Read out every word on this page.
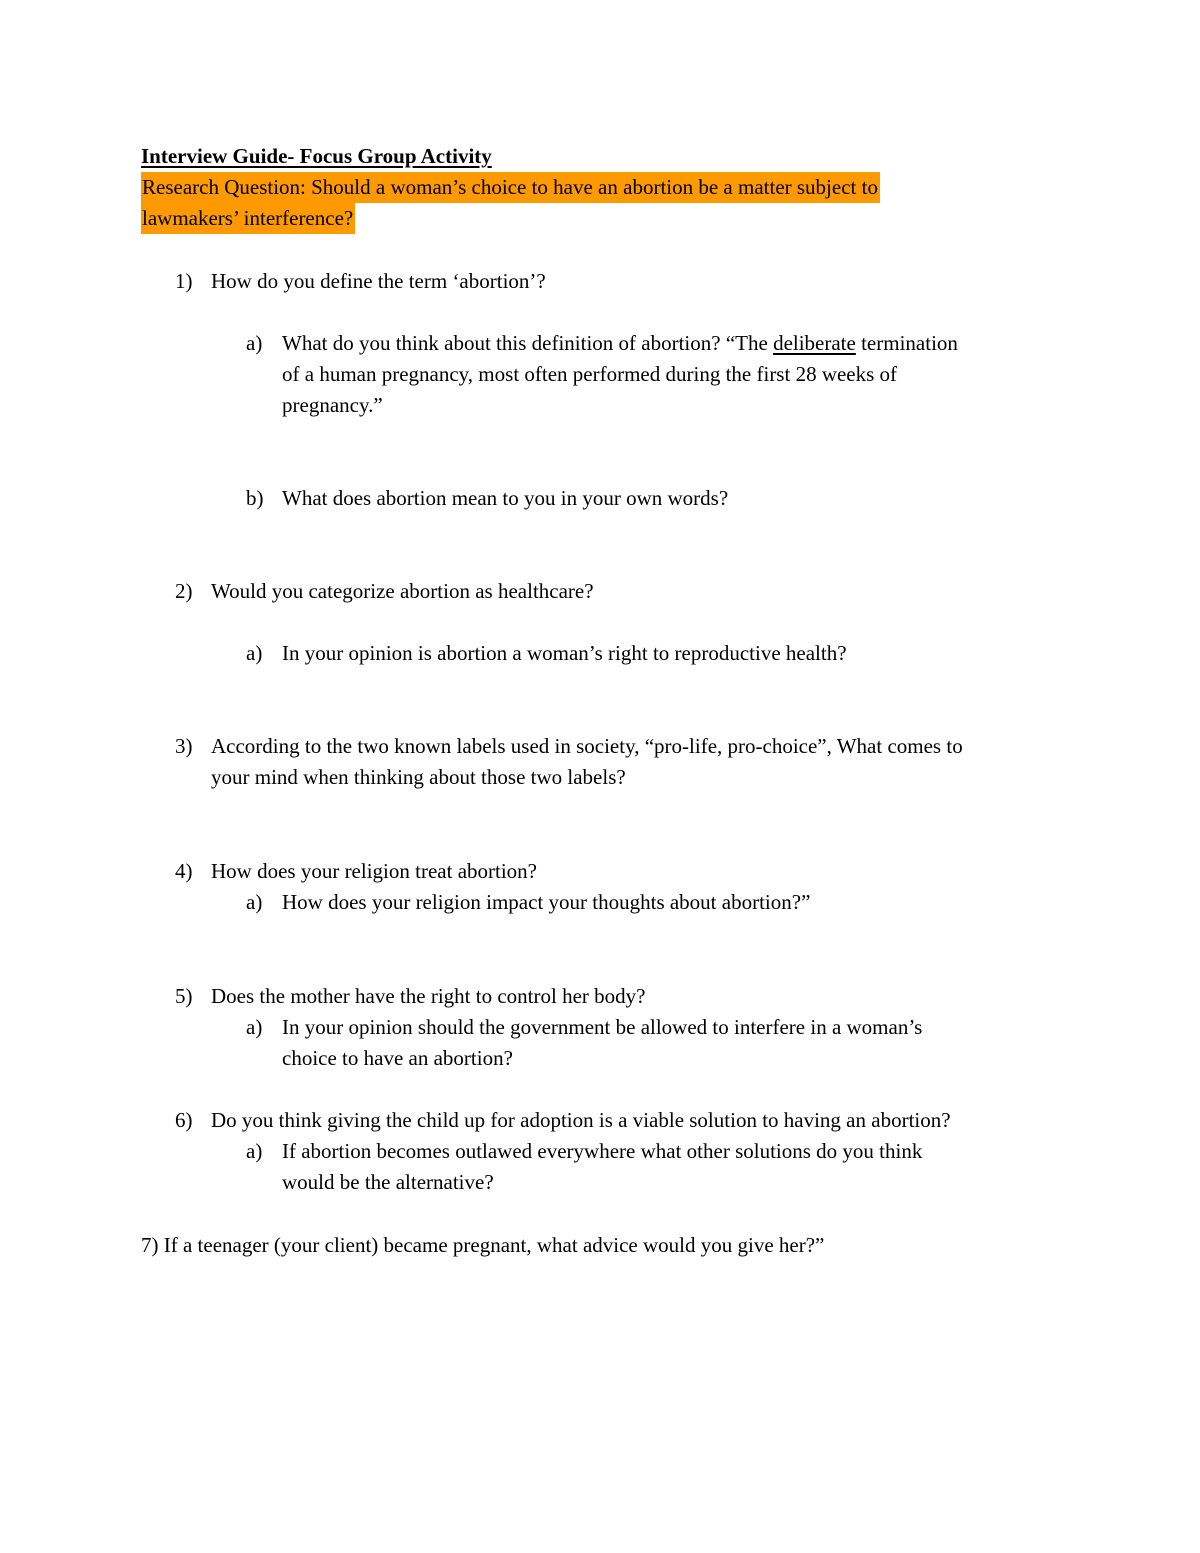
Interview Guide- Focus Group Activity
Research Question: Should a woman’s choice to have an abortion be a matter subject to
lawmakers’ interference?
1) How do you define the term ‘abortion’?
a) What do you think about this definition of abortion? “The deliberate termination
of a human pregnancy, most often performed during the first 28 weeks of
pregnancy.”
b) What does abortion mean to you in your own words?
2) Would you categorize abortion as healthcare?
a) In your opinion is abortion a woman’s right to reproductive health?
3) According to the two known labels used in society, “pro-life, pro-choice”, What comes to
your mind when thinking about those two labels?
4) How does your religion treat abortion?
a) How does your religion impact your thoughts about abortion?”
5) Does the mother have the right to control her body?
a) In your opinion should the government be allowed to interfere in a woman’s
choice to have an abortion?
6) Do you think giving the child up for adoption is a viable solution to having an abortion?
a) If abortion becomes outlawed everywhere what other solutions do you think
would be the alternative?
7) If a teenager (your client) became pregnant, what advice would you give her?”
